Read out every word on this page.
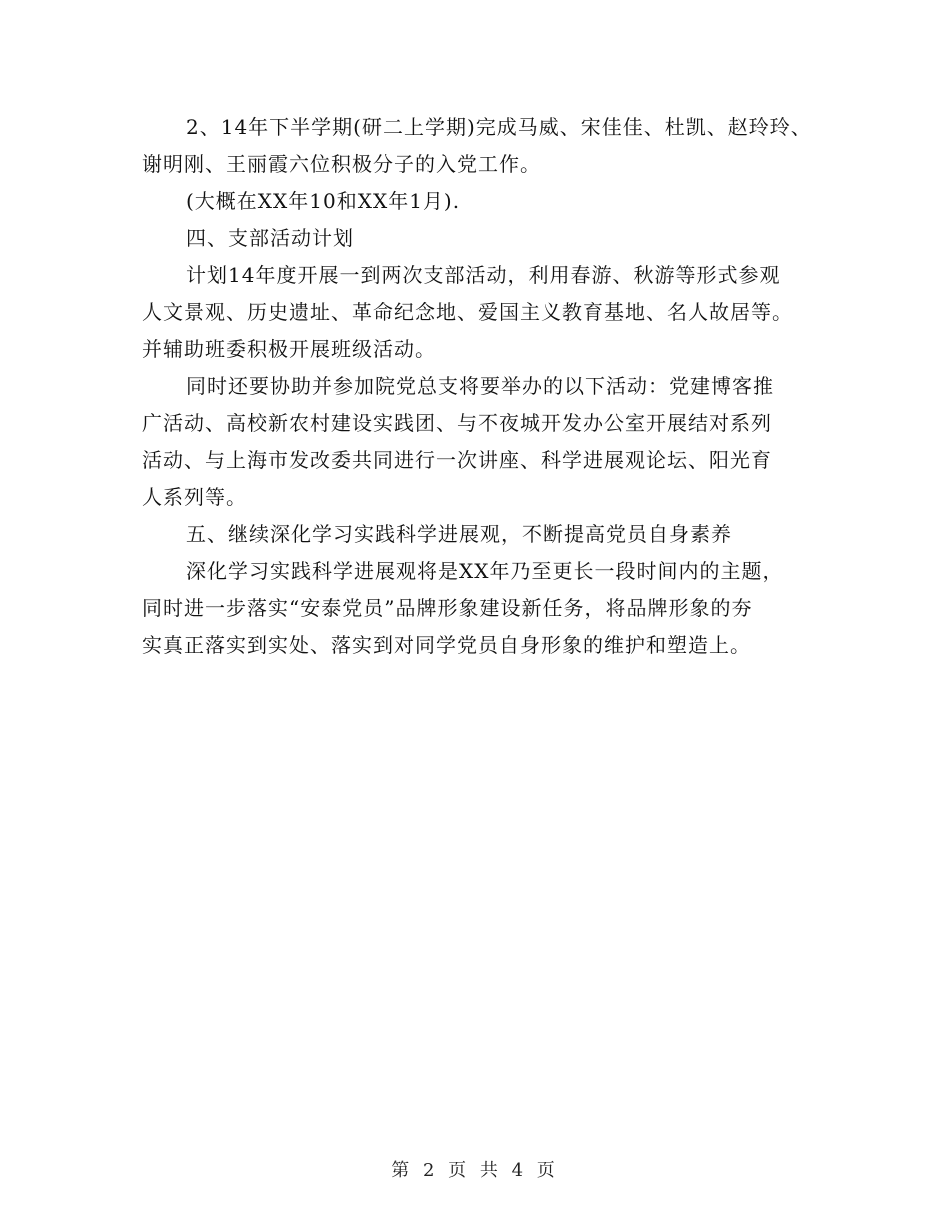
2、14年下半学期(研二上学期)完成马威、宋佳佳、杜凯、赵玲玲、
谢明刚、王丽霞六位积极分子的入党工作。

(大概在XX年10和XX年1月).

四、支部活动计划

计划14年度开展一到两次支部活动，利用春游、秋游等形式参观
人文景观、历史遗址、革命纪念地、爱国主义教育基地、名人故居等。
并辅助班委积极开展班级活动。

同时还要协助并参加院党总支将要举办的以下活动：党建博客推
广活动、高校新农村建设实践团、与不夜城开发办公室开展结对系列
活动、与上海市发改委共同进行一次讲座、科学进展观论坛、阳光育
人系列等。

五、继续深化学习实践科学进展观，不断提高党员自身素养

深化学习实践科学进展观将是XX年乃至更长一段时间内的主题，
同时进一步落实“安泰党员”品牌形象建设新任务，将品牌形象的夯
实真正落实到实处、落实到对同学党员自身形象的维护和塑造上。

第 2 页 共 4 页
